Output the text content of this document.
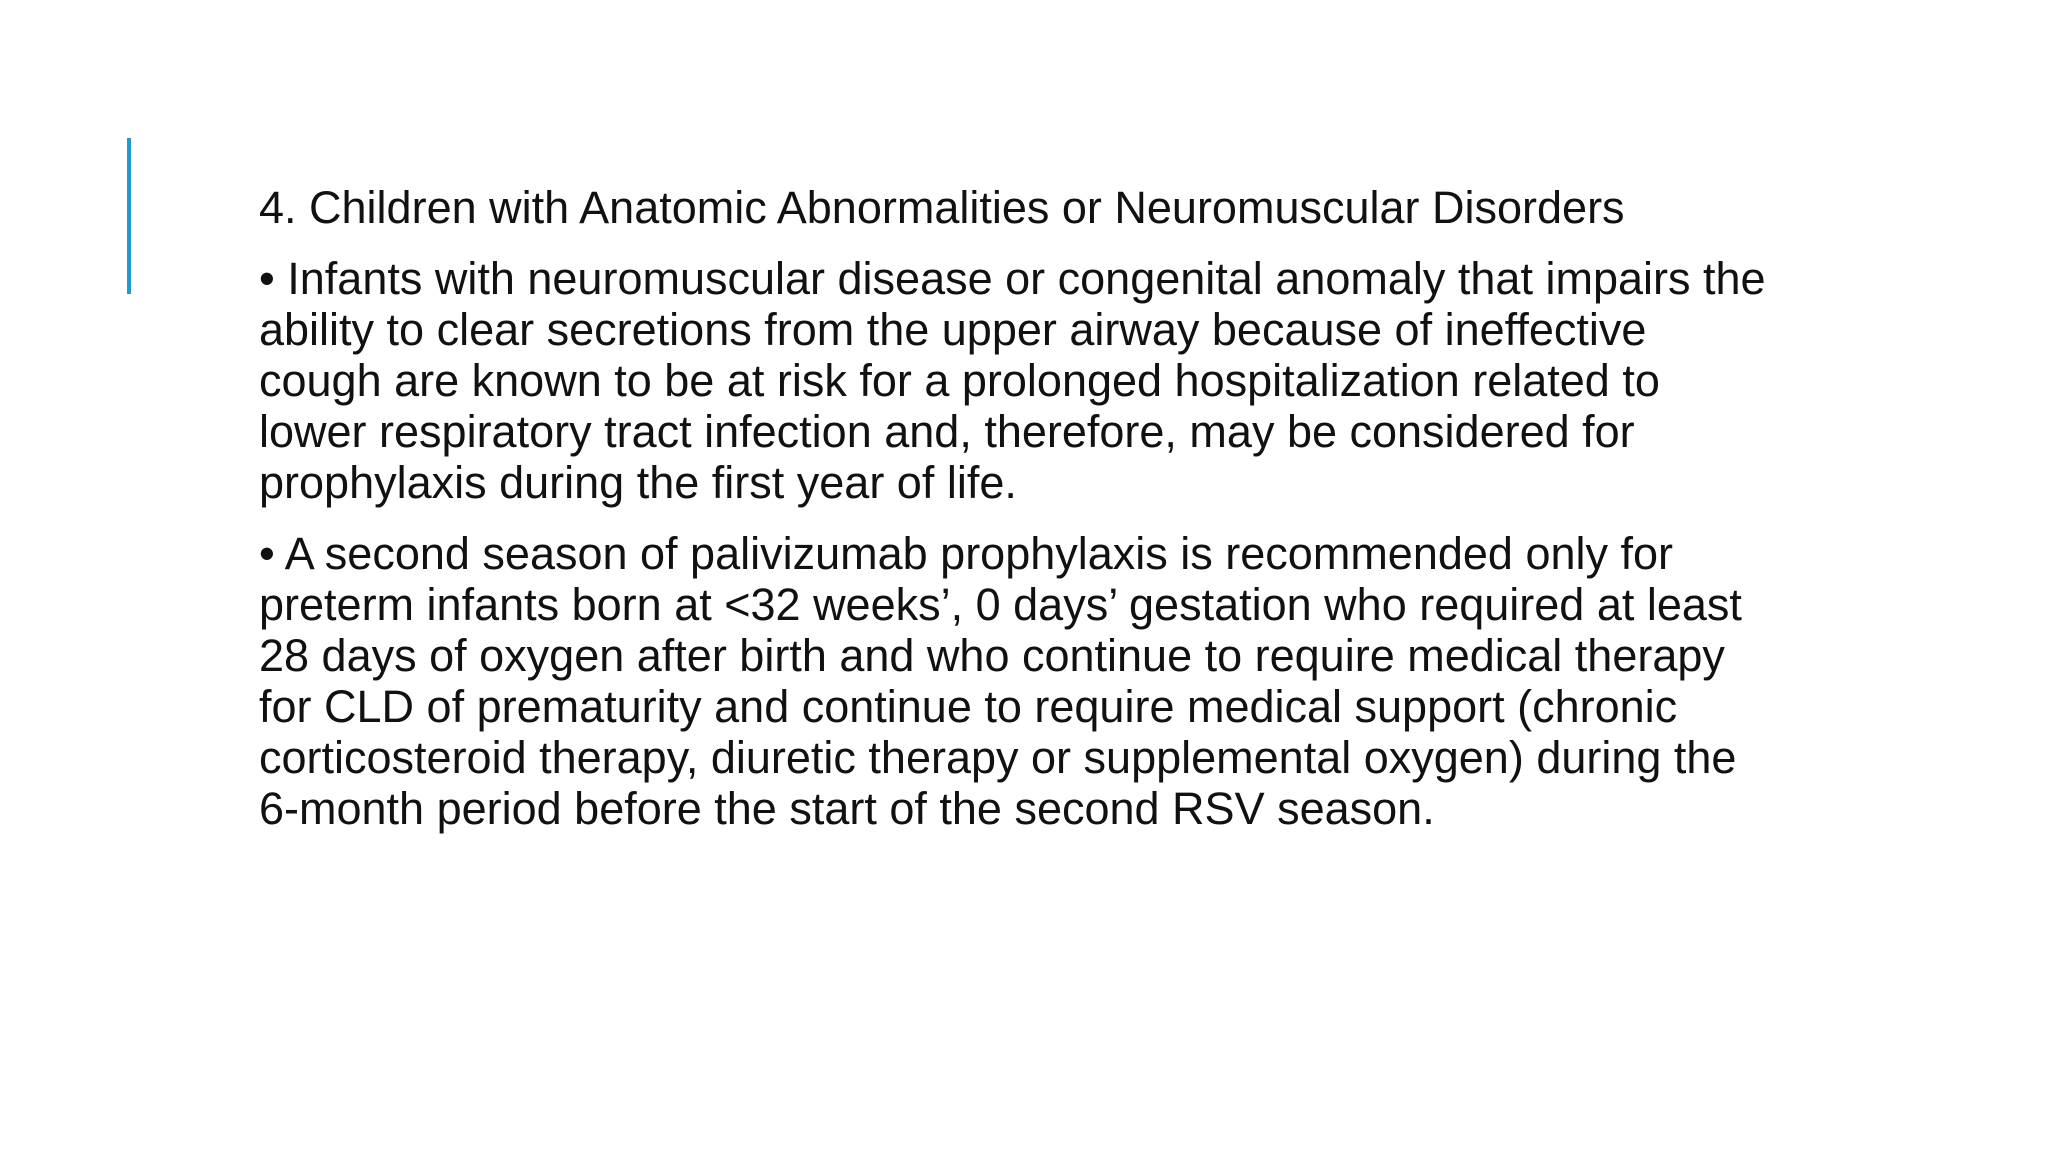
4. Children with Anatomic Abnormalities or Neuromuscular Disorders
• Infants with neuromuscular disease or congenital anomaly that impairs the
ability to clear secretions from the upper airway because of ineffective
cough are known to be at risk for a prolonged hospitalization related to
lower respiratory tract infection and, therefore, may be considered for
prophylaxis during the first year of life.
• A second season of palivizumab prophylaxis is recommended only for
preterm infants born at <32 weeks’, 0 days’ gestation who required at least
28 days of oxygen after birth and who continue to require medical therapy
for CLD of prematurity and continue to require medical support (chronic
corticosteroid therapy, diuretic therapy or supplemental oxygen) during the
6-month period before the start of the second RSV season.
